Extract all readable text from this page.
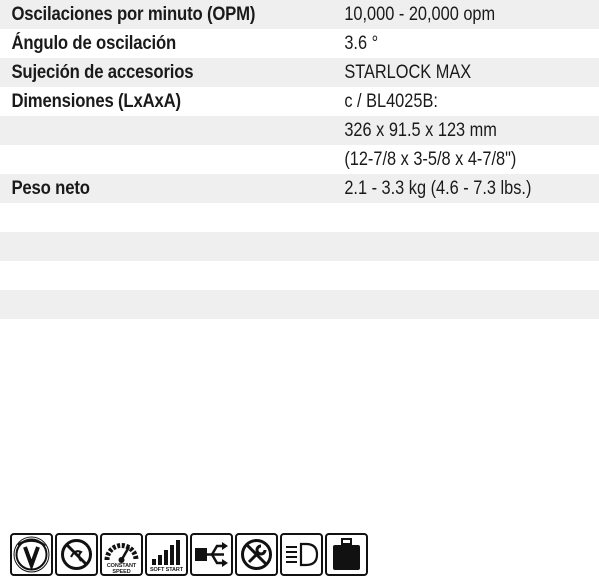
Oscilaciones por minuto (OPM)	10,000 - 20,000 opm
Ángulo de oscilación	3.6 °
Sujeción de accesorios	STARLOCK MAX
Dimensiones (LxAxA)	c / BL4025B:
326 x 91.5 x 123 mm
(12-7/8 x 3-5/8 x 4-7/8")
Peso neto	2.1 - 3.3 kg (4.6 - 7.3 lbs.)
CONSTANT SPEED	SOFT START
